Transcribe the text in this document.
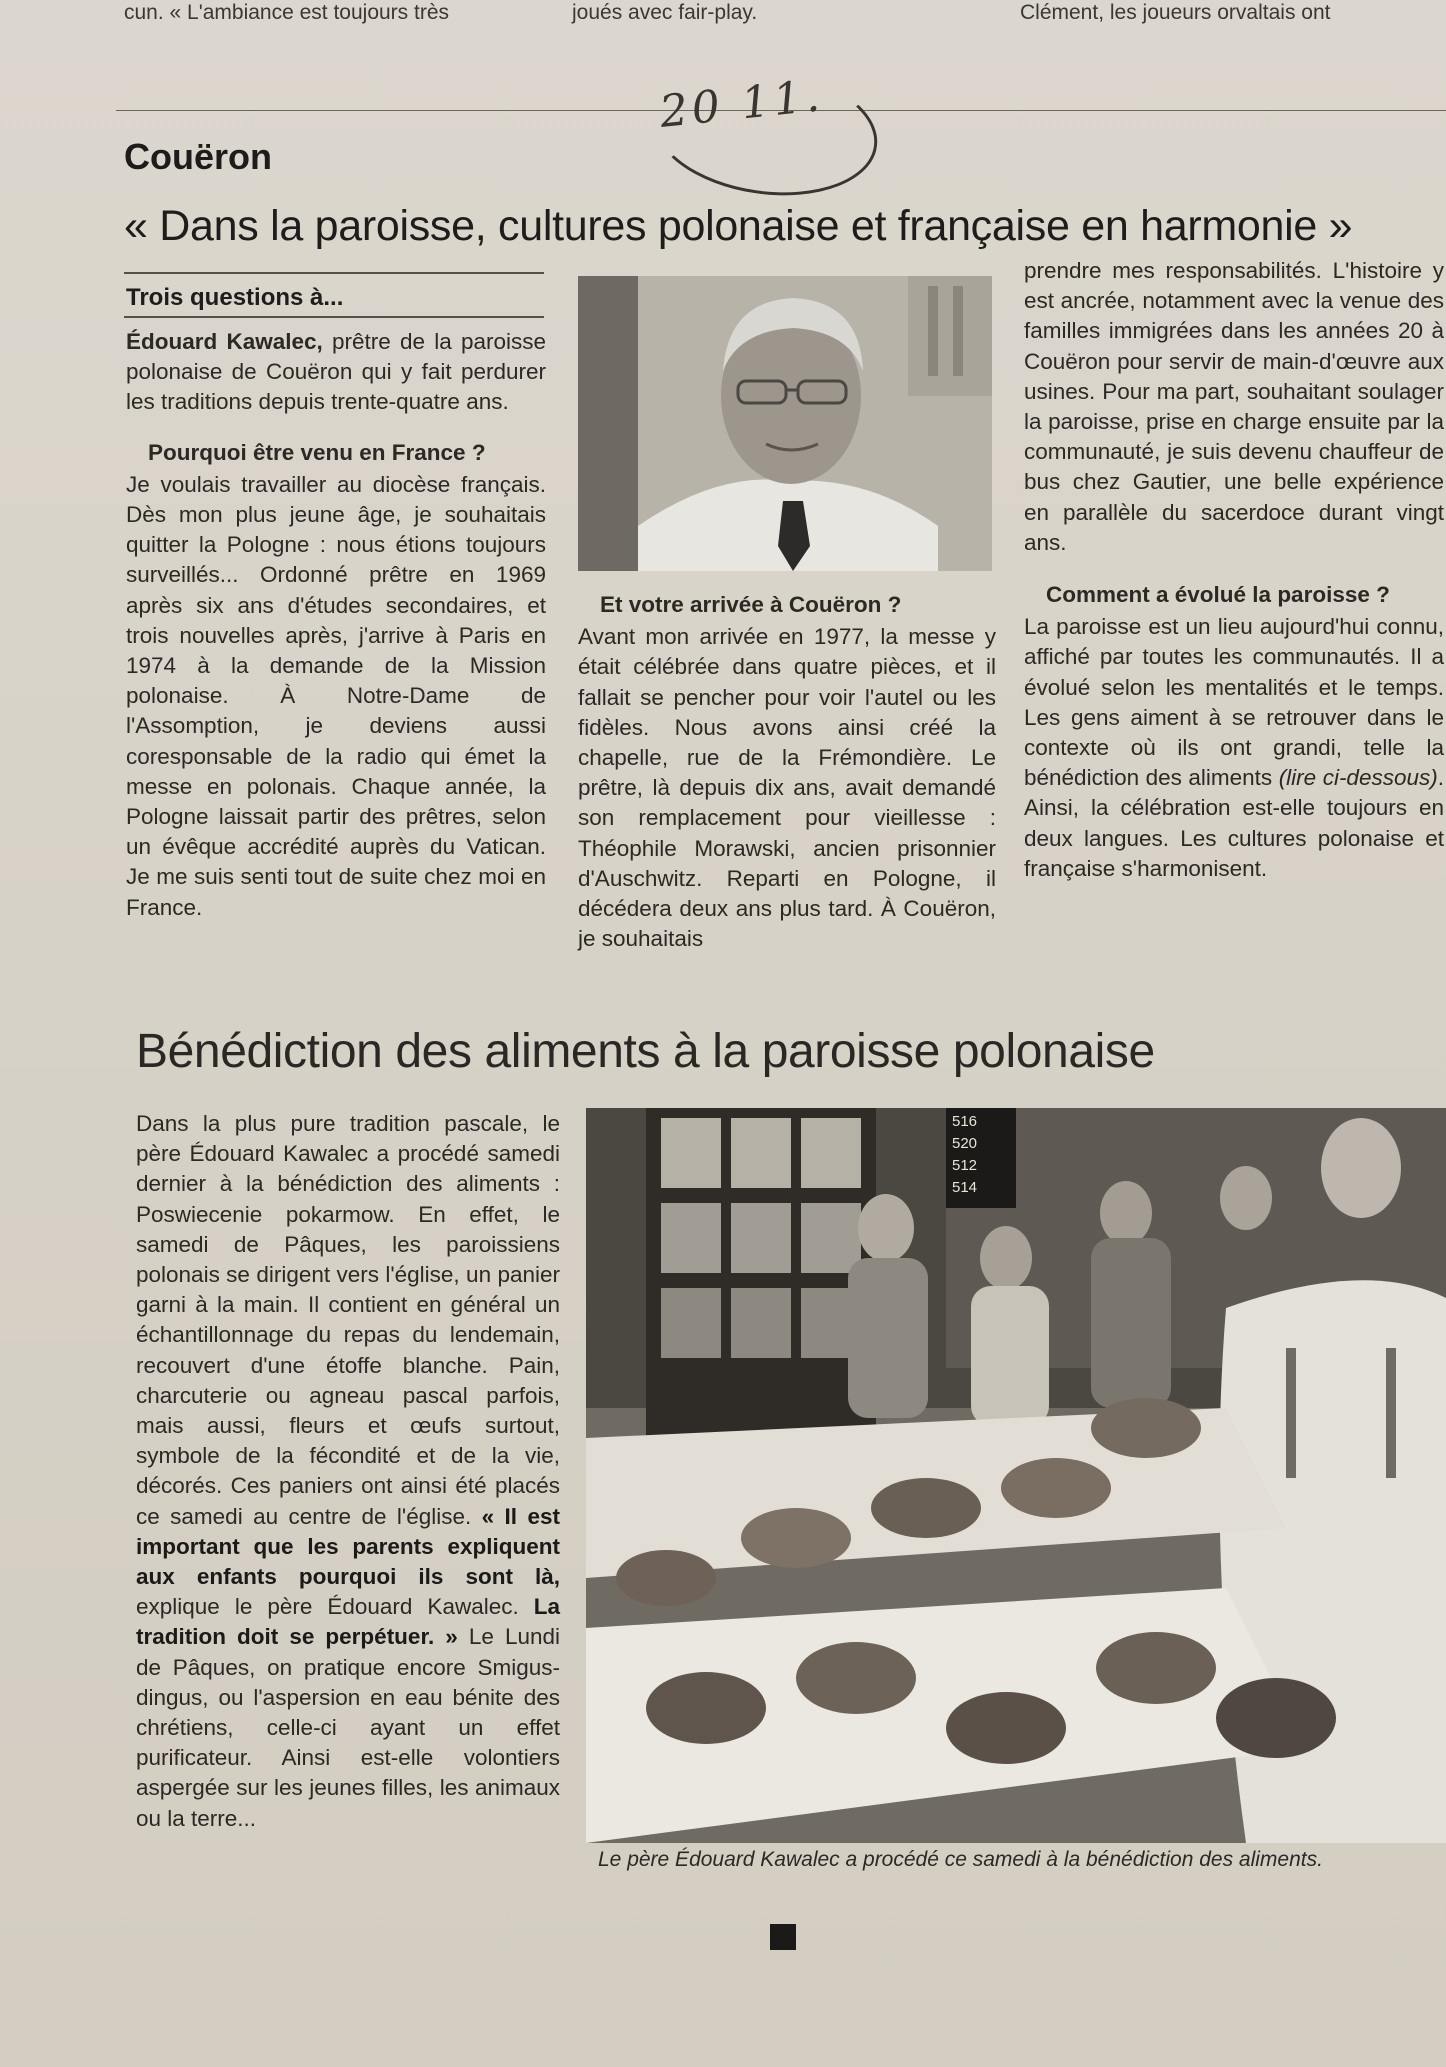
cun. « L'ambiance est toujours très	joués avec fair-play.	Clément, les joueurs orvaltais ont

20 11.

Couëron

« Dans la paroisse, cultures polonaise et française en harmonie »

Trois questions à...

Édouard Kawalec, prêtre de la paroisse polonaise de Couëron qui y fait perdurer les traditions depuis trente-quatre ans.
Pourquoi être venu en France ?
Je voulais travailler au diocèse français. Dès mon plus jeune âge, je souhaitais quitter la Pologne : nous étions toujours surveillés... Ordonné prêtre en 1969 après six ans d'études secondaires, et trois nouvelles après, j'arrive à Paris en 1974 à la demande de la Mission polonaise. À Notre-Dame de l'Assomption, je deviens aussi coresponsable de la radio qui émet la messe en polonais. Chaque année, la Pologne laissait partir des prêtres, selon un évêque accrédité auprès du Vatican. Je me suis senti tout de suite chez moi en France.
Et votre arrivée à Couëron ?
Avant mon arrivée en 1977, la messe y était célébrée dans quatre pièces, et il fallait se pencher pour voir l'autel ou les fidèles. Nous avons ainsi créé la chapelle, rue de la Frémondière. Le prêtre, là depuis dix ans, avait demandé son remplacement pour vieillesse : Théophile Morawski, ancien prisonnier d'Auschwitz. Reparti en Pologne, il décédera deux ans plus tard. À Couëron, je souhaitais
prendre mes responsabilités. L'histoire y est ancrée, notamment avec la venue des familles immigrées dans les années 20 à Couëron pour servir de main-d'œuvre aux usines. Pour ma part, souhaitant soulager la paroisse, prise en charge ensuite par la communauté, je suis devenu chauffeur de bus chez Gautier, une belle expérience en parallèle du sacerdoce durant vingt ans.
Comment a évolué la paroisse ?
La paroisse est un lieu aujourd'hui connu, affiché par toutes les communautés. Il a évolué selon les mentalités et le temps. Les gens aiment à se retrouver dans le contexte où ils ont grandi, telle la bénédiction des aliments (lire ci-dessous). Ainsi, la célébration est-elle toujours en deux langues. Les cultures polonaise et française s'harmonisent.

Bénédiction des aliments à la paroisse polonaise

Dans la plus pure tradition pascale, le père Édouard Kawalec a procédé samedi dernier à la bénédiction des aliments : Poswiecenie pokarmow. En effet, le samedi de Pâques, les paroissiens polonais se dirigent vers l'église, un panier garni à la main. Il contient en général un échantillonnage du repas du lendemain, recouvert d'une étoffe blanche. Pain, charcuterie ou agneau pascal parfois, mais aussi, fleurs et œufs surtout, symbole de la fécondité et de la vie, décorés. Ces paniers ont ainsi été placés ce samedi au centre de l'église. « Il est important que les parents expliquent aux enfants pourquoi ils sont là, explique le père Édouard Kawalec. La tradition doit se perpétuer. » Le Lundi de Pâques, on pratique encore Smigus-dingus, ou l'aspersion en eau bénite des chrétiens, celle-ci ayant un effet purificateur. Ainsi est-elle volontiers aspergée sur les jeunes filles, les animaux ou la terre...
516
520
512
514

Le père Édouard Kawalec a procédé ce samedi à la bénédiction des aliments.
